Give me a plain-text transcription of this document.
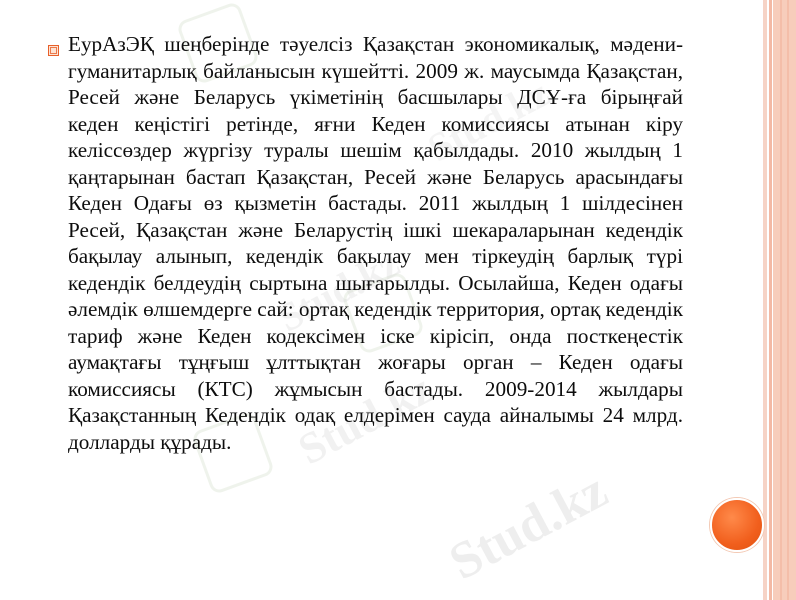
Stud.kz
Stud.kz
Stud.kz
Stud.kz

ЕурАзЭҚ шеңберінде тәуелсіз Қазақстан экономикалық, мәдени-гуманитарлық байланысын күшейтті. 2009 ж. маусымда Қазақстан, Ресей және Беларусь үкіметінің басшылары ДСҰ-ға бірыңғай кеден кеңістігі ретінде, яғни Кеден комиссиясы атынан кіру келіссөздер жүргізу туралы шешім қабылдады. 2010 жылдың 1 қаңтарынан бастап Қазақстан, Ресей және Беларусь арасындағы Кеден Одағы өз қызметін бастады. 2011 жылдың 1 шілдесінен Ресей, Қазақстан және Беларустің ішкі шекараларынан кедендік бақылау алынып, кедендік бақылау мен тіркеудің барлық түрі кедендік белдеудің сыртына шығарылды. Осылайша, Кеден одағы әлемдік өлшемдерге сай: ортақ кедендік территория, ортақ кедендік тариф және Кеден кодексімен іске кірісіп, онда посткеңестік аумақтағы тұңғыш ұлттықтан жоғары орган – Кеден одағы комиссиясы (КТС) жұмысын бастады. 2009-2014 жылдары Қазақстанның Кедендік одақ елдерімен сауда айналымы 24 млрд. долларды құрады.
